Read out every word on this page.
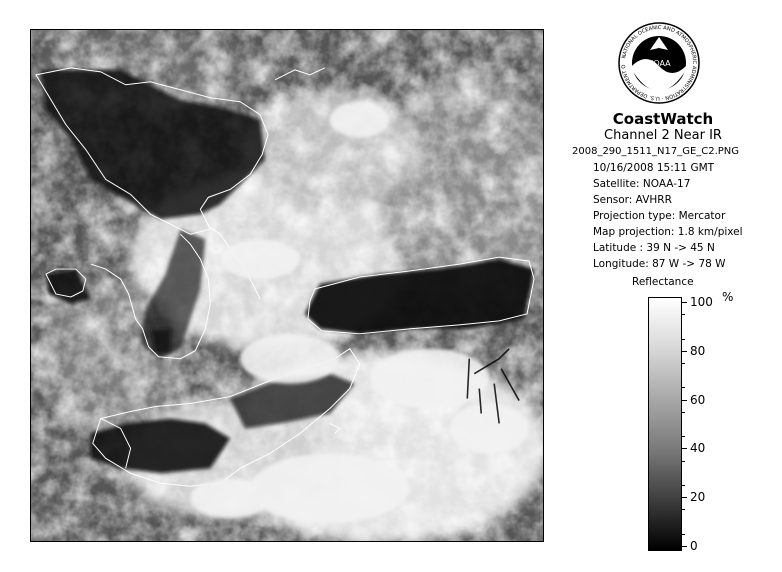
NOAA
NATIONAL OCEANIC AND ATMOSPHERIC ADMINISTRATION · U.S. DEPARTMENT O
CoastWatch
Channel 2 Near IR
2008_290_1511_N17_GE_C2.PNG
10/16/2008 15:11 GMT
Satellite: NOAA-17
Sensor: AVHRR
Projection type: Mercator
Map projection: 1.8 km/pixel
Latitude : 39 N -> 45 N
Longitude: 87 W -> 78 W
Reflectance
%
100
80
60
40
20
0
